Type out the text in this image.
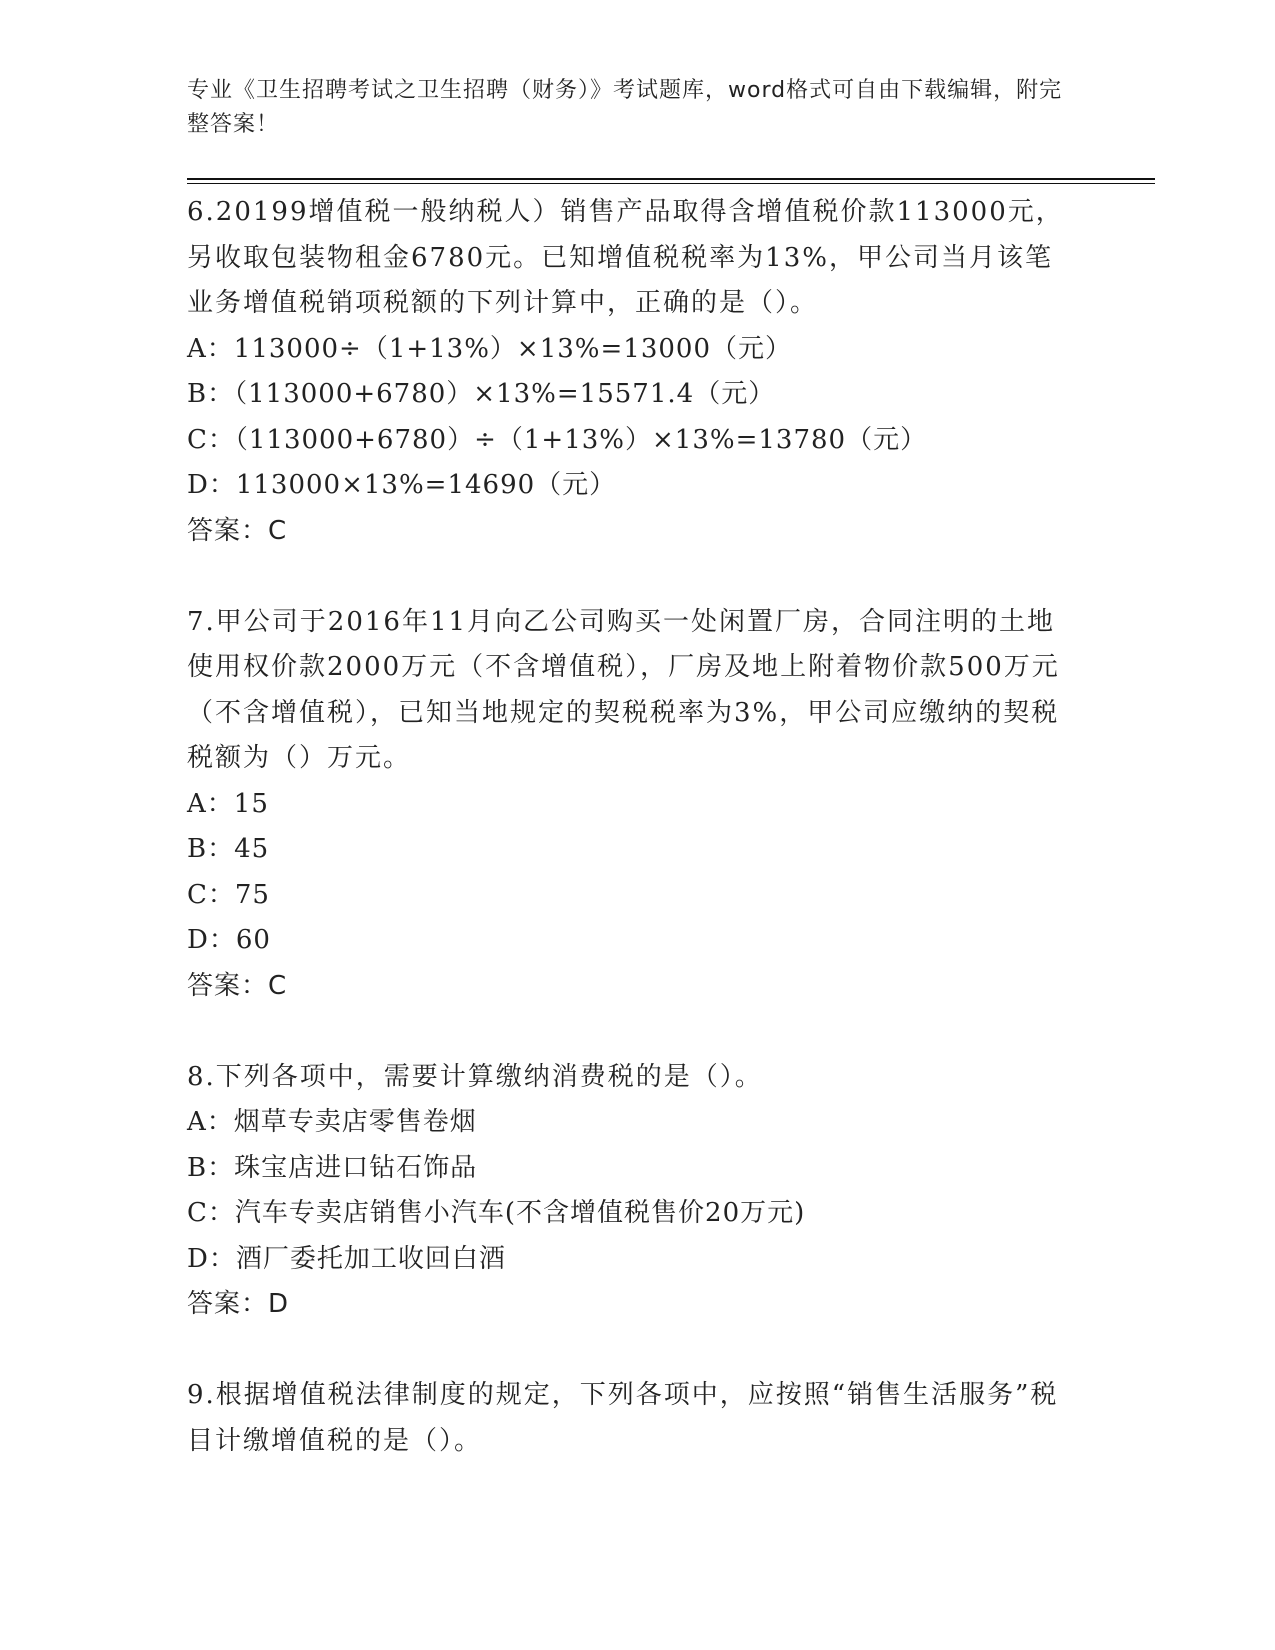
专业《卫生招聘考试之卫生招聘（财务）》考试题库，word格式可自由下载编辑，附完整答案！
6.20199增值税一般纳税人）销售产品取得含增值税价款113000元，另收取包装物租金6780元。已知增值税税率为13%，甲公司当月该笔业务增值税销项税额的下列计算中，正确的是（）。
A：113000÷（1+13%）×13%=13000（元）
B：（113000+6780）×13%=15571.4（元）
C：（113000+6780）÷（1+13%）×13%=13780（元）
D：113000×13%=14690（元）
答案：C
7.甲公司于2016年11月向乙公司购买一处闲置厂房，合同注明的土地使用权价款2000万元（不含增值税），厂房及地上附着物价款500万元（不含增值税），已知当地规定的契税税率为3%，甲公司应缴纳的契税税额为（）万元。
A：15
B：45
C：75
D：60
答案：C
8.下列各项中，需要计算缴纳消费税的是（）。
A：烟草专卖店零售卷烟
B：珠宝店进口钻石饰品
C：汽车专卖店销售小汽车(不含增值税售价20万元)
D：酒厂委托加工收回白酒
答案：D
9.根据增值税法律制度的规定，下列各项中，应按照“销售生活服务”税目计缴增值税的是（）。
